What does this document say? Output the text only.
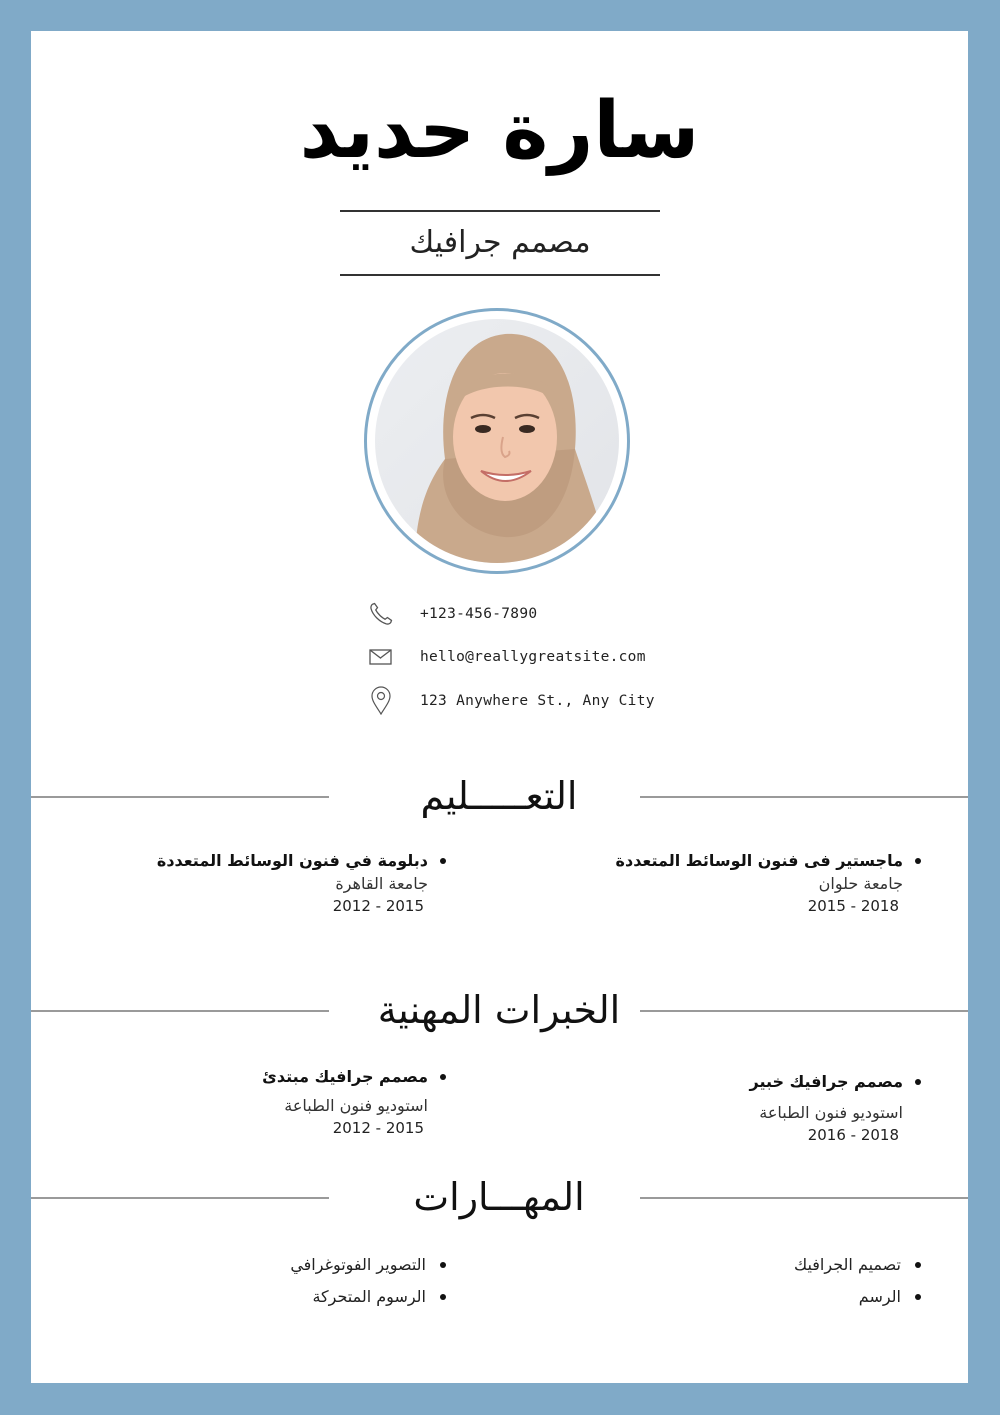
سارة حديد
مصمم جرافيك
+123-456-7890
hello@reallygreatsite.com
123 Anywhere St., Any City
التعـــــليم
ماجستير فى فنون الوسائط المتعددة
جامعة حلوان
2015 - 2018
دبلومة في فنون الوسائط المتعددة
جامعة القاهرة
2012 - 2015
الخبرات المهنية
مصمم جرافيك خبير
استوديو فنون الطباعة
2016 - 2018
مصمم جرافيك مبتدئ
استوديو فنون الطباعة
2012 - 2015
المهـــارات
تصميم الجرافيك
الرسم
التصوير الفوتوغرافي
الرسوم المتحركة
